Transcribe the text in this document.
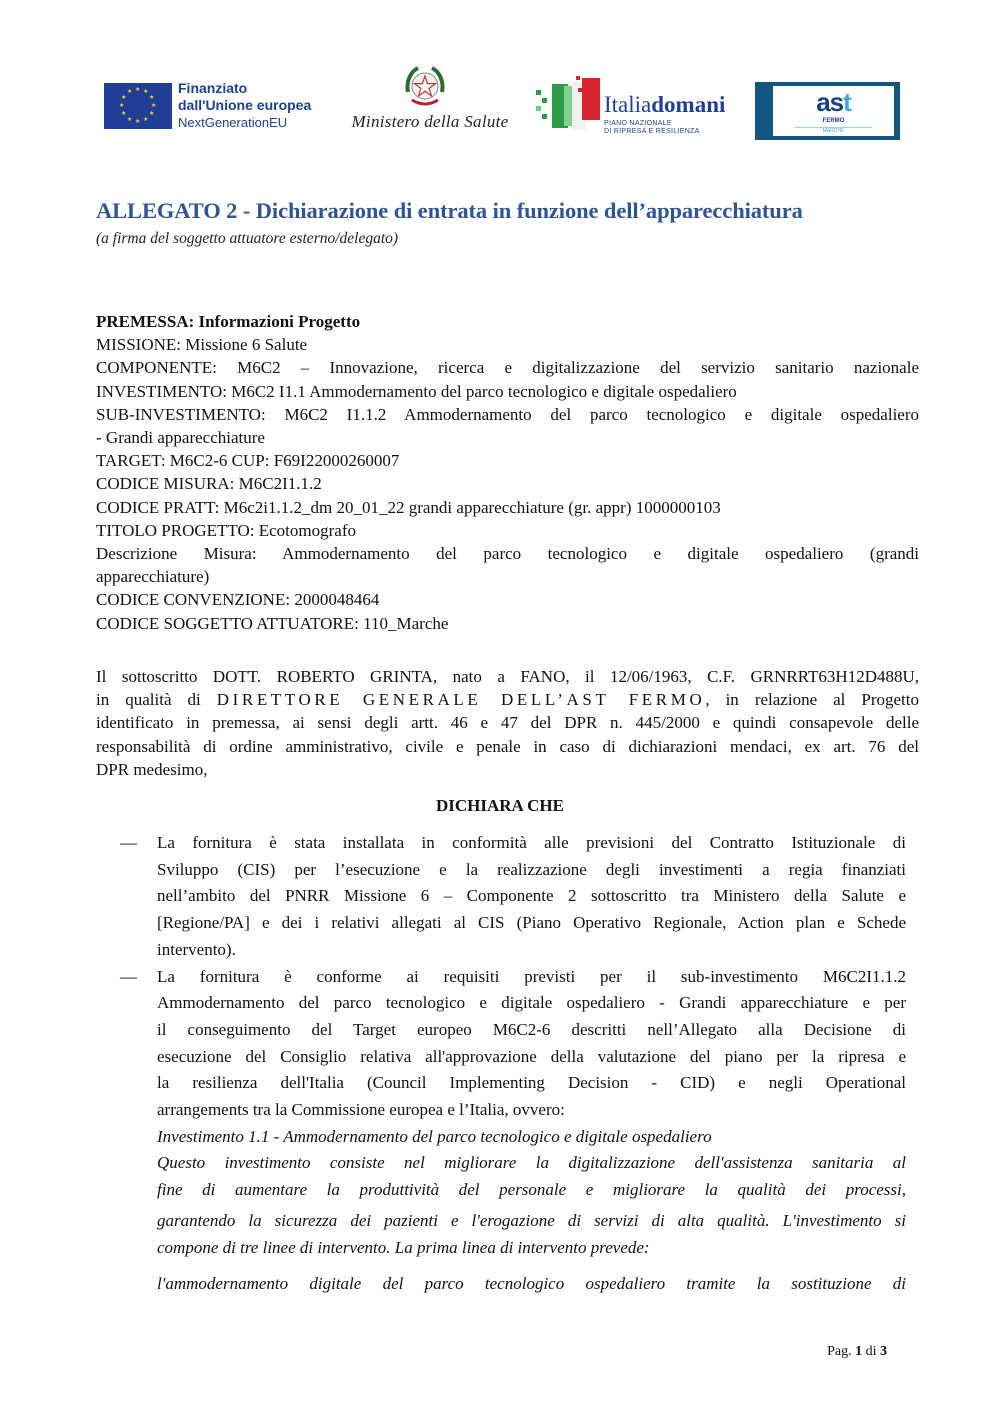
★ ★
★
★
★
★
★
★
★
★
★
★	Finanziato
dall'Unione europea
NextGenerationEU	Ministero della Salute
Italiadomani
PIANO NAZIONALE
DI RIPRESA E RESILIENZA
ast
FERMO
MARCHE
ALLEGATO 2 - Dichiarazione di entrata in funzione dell’apparecchiatura
(a firma del soggetto attuatore esterno/delegato)
PREMESSA: Informazioni Progetto
MISSIONE: Missione 6 Salute
COMPONENTE: M6C2 – Innovazione, ricerca e digitalizzazione del servizio sanitario nazionale
INVESTIMENTO: M6C2 I1.1 Ammodernamento del parco tecnologico e digitale ospedaliero
SUB-INVESTIMENTO: M6C2 I1.1.2 Ammodernamento del parco tecnologico e digitale ospedaliero
- Grandi apparecchiature
TARGET: M6C2-6 CUP: F69I22000260007
CODICE MISURA: M6C2I1.1.2
CODICE PRATT: M6c2i1.1.2_dm 20_01_22 grandi apparecchiature (gr. appr) 1000000103
TITOLO PROGETTO: Ecotomografo
Descrizione Misura: Ammodernamento del parco tecnologico e digitale ospedaliero (grandi
apparecchiature)
CODICE CONVENZIONE: 2000048464
CODICE SOGGETTO ATTUATORE: 110_Marche
Il sottoscritto DOTT. ROBERTO GRINTA, nato a FANO, il 12/06/1963, C.F. GRNRRT63H12D488U,
in qualità di DIRETTORE GENERALE DELL’AST FERMO, in relazione al Progetto
identificato in premessa, ai sensi degli artt. 46 e 47 del DPR n. 445/2000 e quindi consapevole delle
responsabilità di ordine amministrativo, civile e penale in caso di dichiarazioni mendaci, ex art. 76 del
DPR medesimo,
DICHIARA CHE
— La fornitura è stata installata in conformità alle previsioni del Contratto Istituzionale di
Sviluppo (CIS) per l’esecuzione e la realizzazione degli investimenti a regia finanziati
nell’ambito del PNRR Missione 6 – Componente 2 sottoscritto tra Ministero della Salute e
[Regione/PA] e dei i relativi allegati al CIS (Piano Operativo Regionale, Action plan e Schede
intervento).
— La fornitura è conforme ai requisiti previsti per il sub-investimento M6C2I1.1.2
Ammodernamento del parco tecnologico e digitale ospedaliero - Grandi apparecchiature e per
il conseguimento del Target europeo M6C2-6 descritti nell’Allegato alla Decisione di
esecuzione del Consiglio relativa all'approvazione della valutazione del piano per la ripresa e
la resilienza dell'Italia (Council Implementing Decision - CID) e negli Operational
arrangements tra la Commissione europea e l’Italia, ovvero:
Investimento 1.1 - Ammodernamento del parco tecnologico e digitale ospedaliero
Questo investimento consiste nel migliorare la digitalizzazione dell'assistenza sanitaria al
fine di aumentare la produttività del personale e migliorare la qualità dei processi,
garantendo la sicurezza dei pazienti e l'erogazione di servizi di alta qualità. L'investimento si
compone di tre linee di intervento. La prima linea di intervento prevede:
l'ammodernamento digitale del parco tecnologico ospedaliero tramite la sostituzione di
Pag. 1 di 3
